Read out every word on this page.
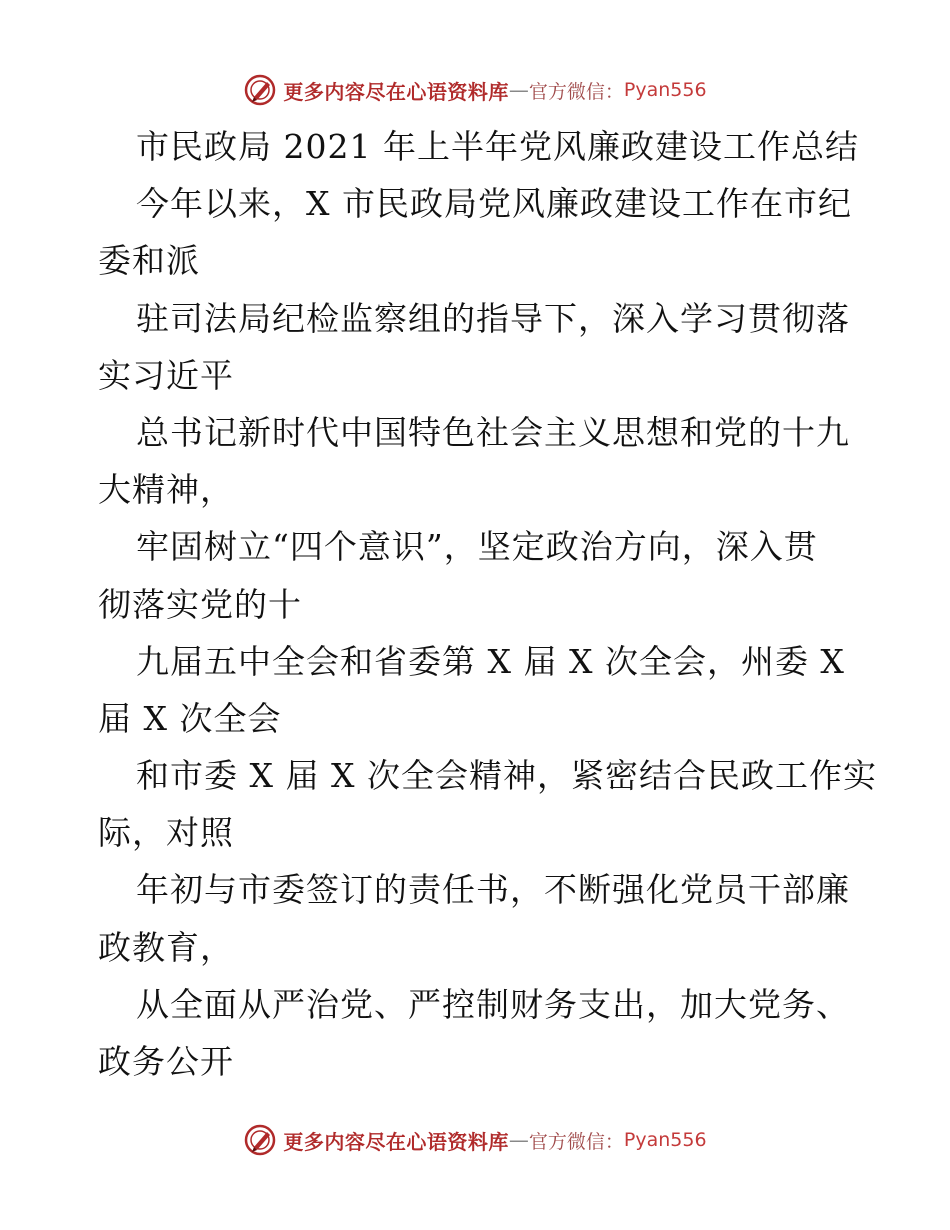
更多内容尽在心语资料库 — 官方微信： Pyan556
市民政局 2021 年上半年党风廉政建设工作总结
今年以来，X 市民政局党风廉政建设工作在市纪
委和派
驻司法局纪检监察组的指导下，深入学习贯彻落
实习近平
总书记新时代中国特色社会主义思想和党的十九
大精神，
牢固树立“四个意识”，坚定政治方向，深入贯
彻落实党的十
九届五中全会和省委第 X 届 X 次全会，州委 X
届 X 次全会
和市委 X 届 X 次全会精神，紧密结合民政工作实
际，对照
年初与市委签订的责任书，不断强化党员干部廉
政教育，
从全面从严治党、严控制财务支出，加大党务、
政务公开
更多内容尽在心语资料库 — 官方微信： Pyan556
